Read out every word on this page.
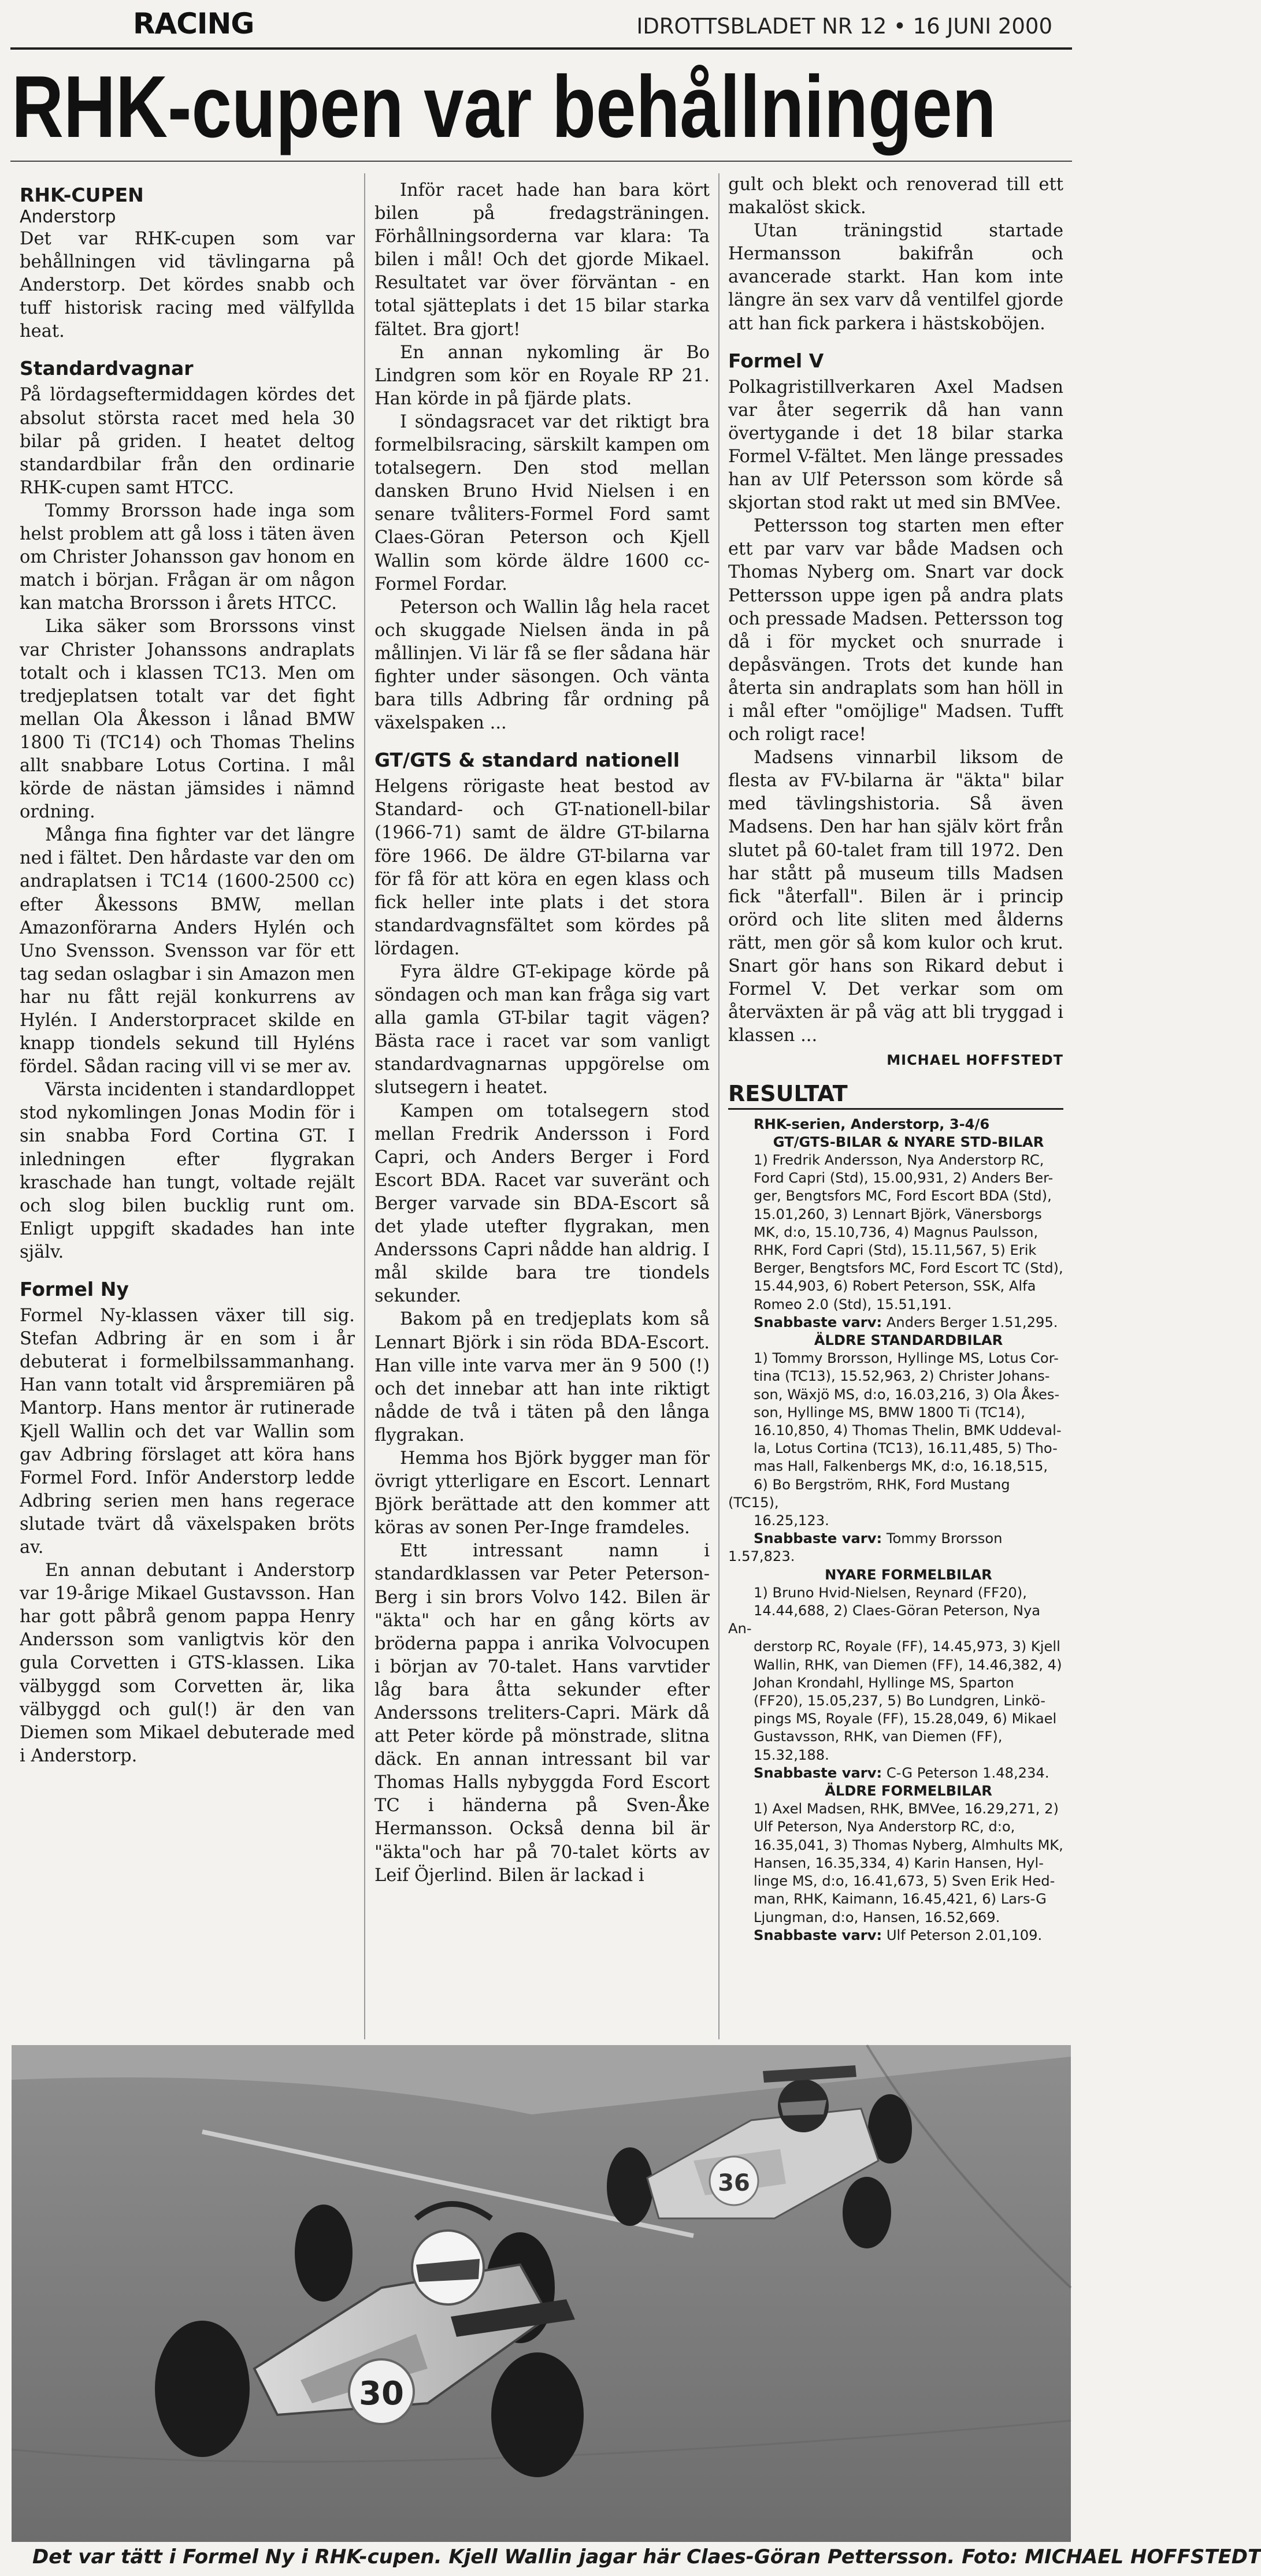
RACING	IDROTTSBLADET NR 12 • 16 JUNI 2000
RHK-cupen var behållningen

RHK-CUPEN

Anderstorp

Det var RHK-cupen som var behållningen vid tävlingarna på Anderstorp. Det kördes snabb och tuff historisk racing med välfyllda heat.

Standardvagnar

På lördagseftermiddagen kördes det absolut största racet med hela 30 bilar på griden. I heatet deltog standardbilar från den ordinarie RHK-cupen samt HTCC.

Tommy Brorsson hade inga som helst problem att gå loss i täten även om Christer Johansson gav honom en match i början. Frågan är om någon kan matcha Brorsson i årets HTCC.

Lika säker som Brorssons vinst var Christer Johanssons andraplats totalt och i klassen TC13. Men om tredjeplatsen totalt var det fight mellan Ola Åkesson i lånad BMW 1800 Ti (TC14) och Thomas Thelins allt snabbare Lotus Cortina. I mål körde de nästan jämsides i nämnd ordning.

Många fina fighter var det längre ned i fältet. Den hårdaste var den om andraplatsen i TC14 (1600-2500 cc) efter Åkessons BMW, mellan Amazonförarna Anders Hylén och Uno Svensson. Svensson var för ett tag sedan oslagbar i sin Amazon men har nu fått rejäl konkurrens av Hylén. I Anderstorpracet skilde en knapp tiondels sekund till Hyléns fördel. Sådan racing vill vi se mer av.

Värsta incidenten i standardloppet stod nykomlingen Jonas Modin för i sin snabba Ford Cortina GT. I inledningen efter flygrakan kraschade han tungt, voltade rejält och slog bilen bucklig runt om. Enligt uppgift skadades han inte själv.

Formel Ny

Formel Ny-klassen växer till sig. Stefan Adbring är en som i år debuterat i formelbilssammanhang. Han vann totalt vid årspremiären på Mantorp. Hans mentor är rutinerade Kjell Wallin och det var Wallin som gav Adbring förslaget att köra hans Formel Ford. Inför Anderstorp ledde Adbring serien men hans regerace slutade tvärt då växelspaken bröts av.

En annan debutant i Anderstorp var 19-årige Mikael Gustavsson. Han har gott påbrå genom pappa Henry Andersson som vanligtvis kör den gula Corvetten i GTS-klassen. Lika välbyggd som Corvetten är, lika välbyggd och gul(!) är den van Diemen som Mikael debuterade med i Anderstorp.

Inför racet hade han bara kört bilen på fredagsträningen. Förhållningsorderna var klara: Ta bilen i mål! Och det gjorde Mikael. Resultatet var över förväntan - en total sjätteplats i det 15 bilar starka fältet. Bra gjort!

En annan nykomling är Bo Lindgren som kör en Royale RP 21. Han körde in på fjärde plats.

I söndagsracet var det riktigt bra formelbilsracing, särskilt kampen om totalsegern. Den stod mellan dansken Bruno Hvid Nielsen i en senare tvåliters-Formel Ford samt Claes-Göran Peterson och Kjell Wallin som körde äldre 1600 cc-Formel Fordar.

Peterson och Wallin låg hela racet och skuggade Nielsen ända in på mållinjen. Vi lär få se fler sådana här fighter under säsongen. Och vänta bara tills Adbring får ordning på växelspaken ...

GT/GTS & standard nationell

Helgens rörigaste heat bestod av Standard- och GT-nationell-bilar (1966-71) samt de äldre GT-bilarna före 1966. De äldre GT-bilarna var för få för att köra en egen klass och fick heller inte plats i det stora standardvagnsfältet som kördes på lördagen.

Fyra äldre GT-ekipage körde på söndagen och man kan fråga sig vart alla gamla GT-bilar tagit vägen? Bästa race i racet var som vanligt standardvagnarnas uppgörelse om slutsegern i heatet.

Kampen om totalsegern stod mellan Fredrik Andersson i Ford Capri, och Anders Berger i Ford Escort BDA. Racet var suveränt och Berger varvade sin BDA-Escort så det ylade utefter flygrakan, men Anderssons Capri nådde han aldrig. I mål skilde bara tre tiondels sekunder.

Bakom på en tredjeplats kom så Lennart Björk i sin röda BDA-Escort. Han ville inte varva mer än 9 500 (!) och det innebar att han inte riktigt nådde de två i täten på den långa flygrakan.

Hemma hos Björk bygger man för övrigt ytterligare en Escort. Lennart Björk berättade att den kommer att köras av sonen Per-Inge framdeles.

Ett intressant namn i standardklassen var Peter Peterson-Berg i sin brors Volvo 142. Bilen är "äkta" och har en gång körts av bröderna pappa i anrika Volvocupen i början av 70-talet. Hans varvtider låg bara åtta sekunder efter Anderssons treliters-Capri. Märk då att Peter körde på mönstrade, slitna däck. En annan intressant bil var Thomas Halls nybyggda Ford Escort TC i händerna på Sven-Åke Hermansson. Också denna bil är "äkta"och har på 70-talet körts av Leif Öjerlind. Bilen är lackad i

gult och blekt och renoverad till ett makalöst skick.

Utan träningstid startade Hermansson bakifrån och avancerade starkt. Han kom inte längre än sex varv då ventilfel gjorde att han fick parkera i hästskoböjen.

Formel V

Polkagristillverkaren Axel Madsen var åter segerrik då han vann övertygande i det 18 bilar starka Formel V-fältet. Men länge pressades han av Ulf Petersson som körde så skjortan stod rakt ut med sin BMVee.

Pettersson tog starten men efter ett par varv var både Madsen och Thomas Nyberg om. Snart var dock Pettersson uppe igen på andra plats och pressade Madsen. Pettersson tog då i för mycket och snurrade i depåsvängen. Trots det kunde han återta sin andraplats som han höll in i mål efter "omöjlige" Madsen. Tufft och roligt race!

Madsens vinnarbil liksom de flesta av FV-bilarna är "äkta" bilar med tävlingshistoria. Så även Madsens. Den har han själv kört från slutet på 60-talet fram till 1972. Den har stått på museum tills Madsen fick "återfall". Bilen är i princip orörd och lite sliten med ålderns rätt, men gör så kom kulor och krut. Snart gör hans son Rikard debut i Formel V. Det verkar som om återväxten är på väg att bli tryggad i klassen ...

MICHAEL HOFFSTEDT
RESULTAT

RHK-serien, Anderstorp, 3-4/6

GT/GTS-BILAR & NYARE STD-BILAR

1) Fredrik Andersson, Nya Anderstorp RC,

Ford Capri (Std), 15.00,931, 2) Anders Ber-

ger, Bengtsfors MC, Ford Escort BDA (Std),

15.01,260, 3) Lennart Björk, Vänersborgs

MK, d:o, 15.10,736, 4) Magnus Paulsson,

RHK, Ford Capri (Std), 15.11,567, 5) Erik

Berger, Bengtsfors MC, Ford Escort TC (Std),

15.44,903, 6) Robert Peterson, SSK, Alfa

Romeo 2.0 (Std), 15.51,191.

Snabbaste varv: Anders Berger 1.51,295.

ÄLDRE STANDARDBILAR

1) Tommy Brorsson, Hyllinge MS, Lotus Cor-

tina (TC13), 15.52,963, 2) Christer Johans-

son, Wäxjö MS, d:o, 16.03,216, 3) Ola Åkes-

son, Hyllinge MS, BMW 1800 Ti (TC14),

16.10,850, 4) Thomas Thelin, BMK Uddeval-

la, Lotus Cortina (TC13), 16.11,485, 5) Tho-

mas Hall, Falkenbergs MK, d:o, 16.18,515,

6) Bo Bergström, RHK, Ford Mustang (TC15),

16.25,123.

Snabbaste varv: Tommy Brorsson 1.57,823.

NYARE FORMELBILAR

1) Bruno Hvid-Nielsen, Reynard (FF20),

14.44,688, 2) Claes-Göran Peterson, Nya An-

derstorp RC, Royale (FF), 14.45,973, 3) Kjell

Wallin, RHK, van Diemen (FF), 14.46,382, 4)

Johan Krondahl, Hyllinge MS, Sparton

(FF20), 15.05,237, 5) Bo Lundgren, Linkö-

pings MS, Royale (FF), 15.28,049, 6) Mikael

Gustavsson, RHK, van Diemen (FF),

15.32,188.

Snabbaste varv: C-G Peterson 1.48,234.

ÄLDRE FORMELBILAR

1) Axel Madsen, RHK, BMVee, 16.29,271, 2)

Ulf Peterson, Nya Anderstorp RC, d:o,

16.35,041, 3) Thomas Nyberg, Almhults MK,

Hansen, 16.35,334, 4) Karin Hansen, Hyl-

linge MS, d:o, 16.41,673, 5) Sven Erik Hed-

man, RHK, Kaimann, 16.45,421, 6) Lars-G

Ljungman, d:o, Hansen, 16.52,669.

Snabbaste varv: Ulf Peterson 2.01,109.

36
30
Det var tätt i Formel Ny i RHK-cupen. Kjell Wallin jagar här Claes-Göran Pettersson. Foto: MICHAEL HOFFSTEDT
